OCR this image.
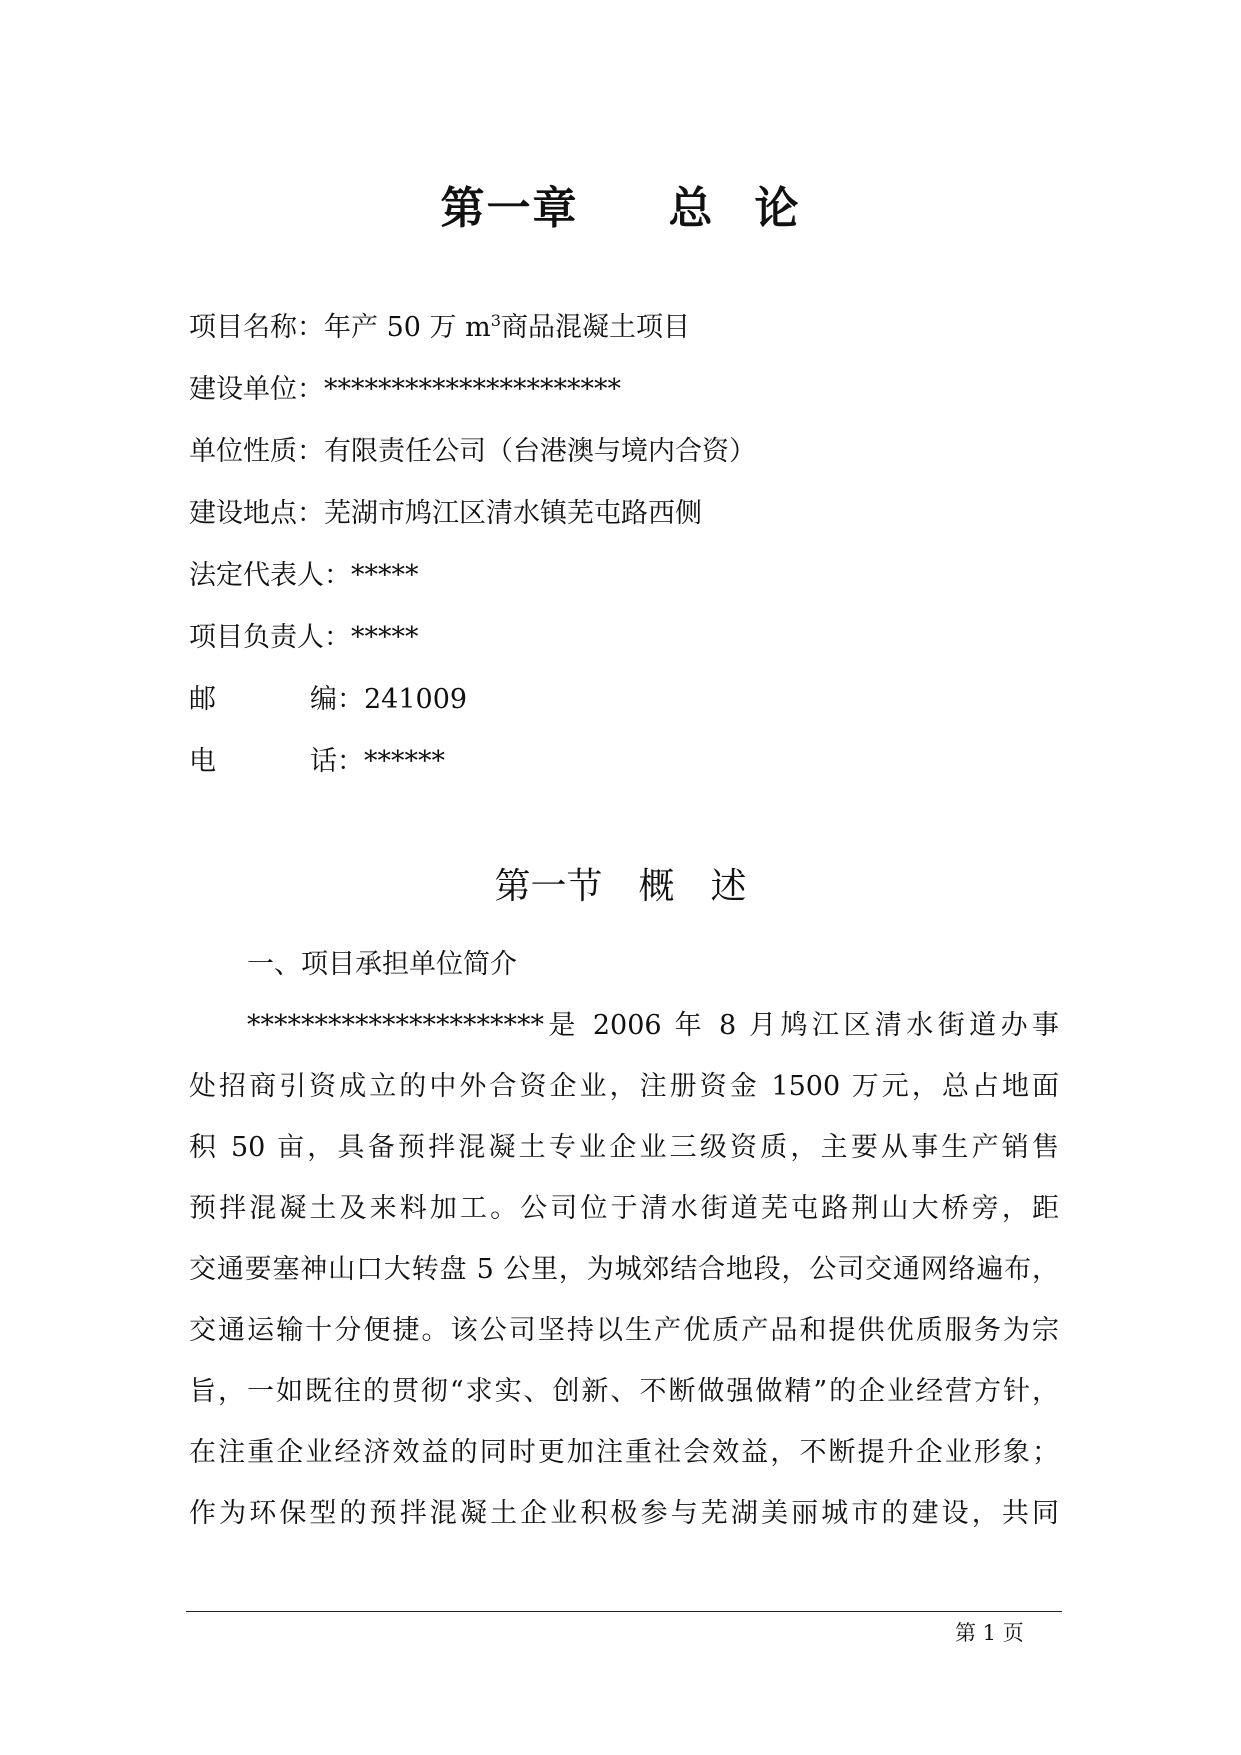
第一章 总 论
项目名称：年产 50 万 $m^3$商品混凝土项目
建设单位：**********************
单位性质：有限责任公司（台港澳与境内合资）
建设地点：芜湖市鸠江区清水镇芜屯路西侧
法定代表人：*****
项目负责人：*****
邮	编：241009
电	话：******
第一节 概 述
一、项目承担单位简介
**********************是 2006 年 8 月鸠江区清水街道办事
处招商引资成立的中外合资企业，注册资金 1500 万元，总占地面
积 50 亩，具备预拌混凝土专业企业三级资质，主要从事生产销售
预拌混凝土及来料加工。公司位于清水街道芜屯路荆山大桥旁，距
交通要塞神山口大转盘 5 公里，为城郊结合地段，公司交通网络遍布，
交通运输十分便捷。该公司坚持以生产优质产品和提供优质服务为宗
旨，一如既往的贯彻“求实、创新、不断做强做精”的企业经营方针，
在注重企业经济效益的同时更加注重社会效益，不断提升企业形象；
作为环保型的预拌混凝土企业积极参与芜湖美丽城市的建设，共同
第 1 页
